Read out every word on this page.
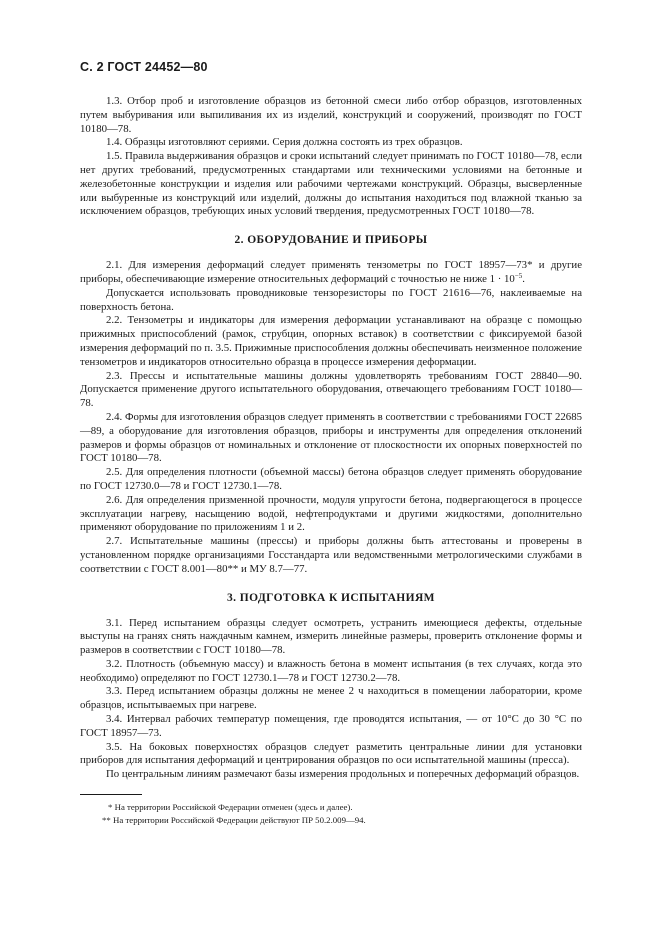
С. 2 ГОСТ 24452—80

1.3. Отбор проб и изготовление образцов из бетонной смеси либо отбор образцов, изготовленных путем выбуривания или выпиливания их из изделий, конструкций и сооружений, производят по ГОСТ 10180—78.

1.4. Образцы изготовляют сериями. Серия должна состоять из трех образцов.

1.5. Правила выдерживания образцов и сроки испытаний следует принимать по ГОСТ 10180—78, если нет других требований, предусмотренных стандартами или техническими условиями на бетонные и железобетонные конструкции и изделия или рабочими чертежами конструкций. Образцы, высверленные или выбуренные из конструкций или изделий, должны до испытания находиться под влажной тканью за исключением образцов, требующих иных условий твердения, предусмотренных ГОСТ 10180—78.

2. ОБОРУДОВАНИЕ И ПРИБОРЫ

2.1. Для измерения деформаций следует применять тензометры по ГОСТ 18957—73* и другие приборы, обеспечивающие измерение относительных деформаций с точностью не ниже $1 \cdot 10^{-5}$.

Допускается использовать проводниковые тензорезисторы по ГОСТ 21616—76, наклеиваемые на поверхность бетона.

2.2. Тензометры и индикаторы для измерения деформации устанавливают на образце с помощью прижимных приспособлений (рамок, струбцин, опорных вставок) в соответствии с фиксируемой базой измерения деформаций по п. 3.5. Прижимные приспособления должны обеспечивать неизменное положение тензометров и индикаторов относительно образца в процессе измерения деформации.

2.3. Прессы и испытательные машины должны удовлетворять требованиям ГОСТ 28840—90. Допускается применение другого испытательного оборудования, отвечающего требованиям ГОСТ 10180—78.

2.4. Формы для изготовления образцов следует применять в соответствии с требованиями ГОСТ 22685—89, а оборудование для изготовления образцов, приборы и инструменты для определения отклонений размеров и формы образцов от номинальных и отклонение от плоскостности их опорных поверхностей по ГОСТ 10180—78.

2.5. Для определения плотности (объемной массы) бетона образцов следует применять оборудование по ГОСТ 12730.0—78 и ГОСТ 12730.1—78.

2.6. Для определения призменной прочности, модуля упругости бетона, подвергающегося в процессе эксплуатации нагреву, насыщению водой, нефтепродуктами и другими жидкостями, дополнительно применяют оборудование по приложениям 1 и 2.

2.7. Испытательные машины (прессы) и приборы должны быть аттестованы и проверены в установленном порядке организациями Госстандарта или ведомственными метрологическими службами в соответствии с ГОСТ 8.001—80** и МУ 8.7—77.

3. ПОДГОТОВКА К ИСПЫТАНИЯМ

3.1. Перед испытанием образцы следует осмотреть, устранить имеющиеся дефекты, отдельные выступы на гранях снять наждачным камнем, измерить линейные размеры, проверить отклонение формы и размеров в соответствии с ГОСТ 10180—78.

3.2. Плотность (объемную массу) и влажность бетона в момент испытания (в тех случаях, когда это необходимо) определяют по ГОСТ 12730.1—78 и ГОСТ 12730.2—78.

3.3. Перед испытанием образцы должны не менее 2 ч находиться в помещении лаборатории, кроме образцов, испытываемых при нагреве.

3.4. Интервал рабочих температур помещения, где проводятся испытания, — от 10°С до 30 °С по ГОСТ 18957—73.

3.5. На боковых поверхностях образцов следует разметить центральные линии для установки приборов для испытания деформаций и центрирования образцов по оси испытательной машины (пресса).

По центральным линиям размечают базы измерения продольных и поперечных деформаций образцов.

* На территории Российской Федерации отменен (здесь и далее).
** На территории Российской Федерации действуют ПР 50.2.009—94.
